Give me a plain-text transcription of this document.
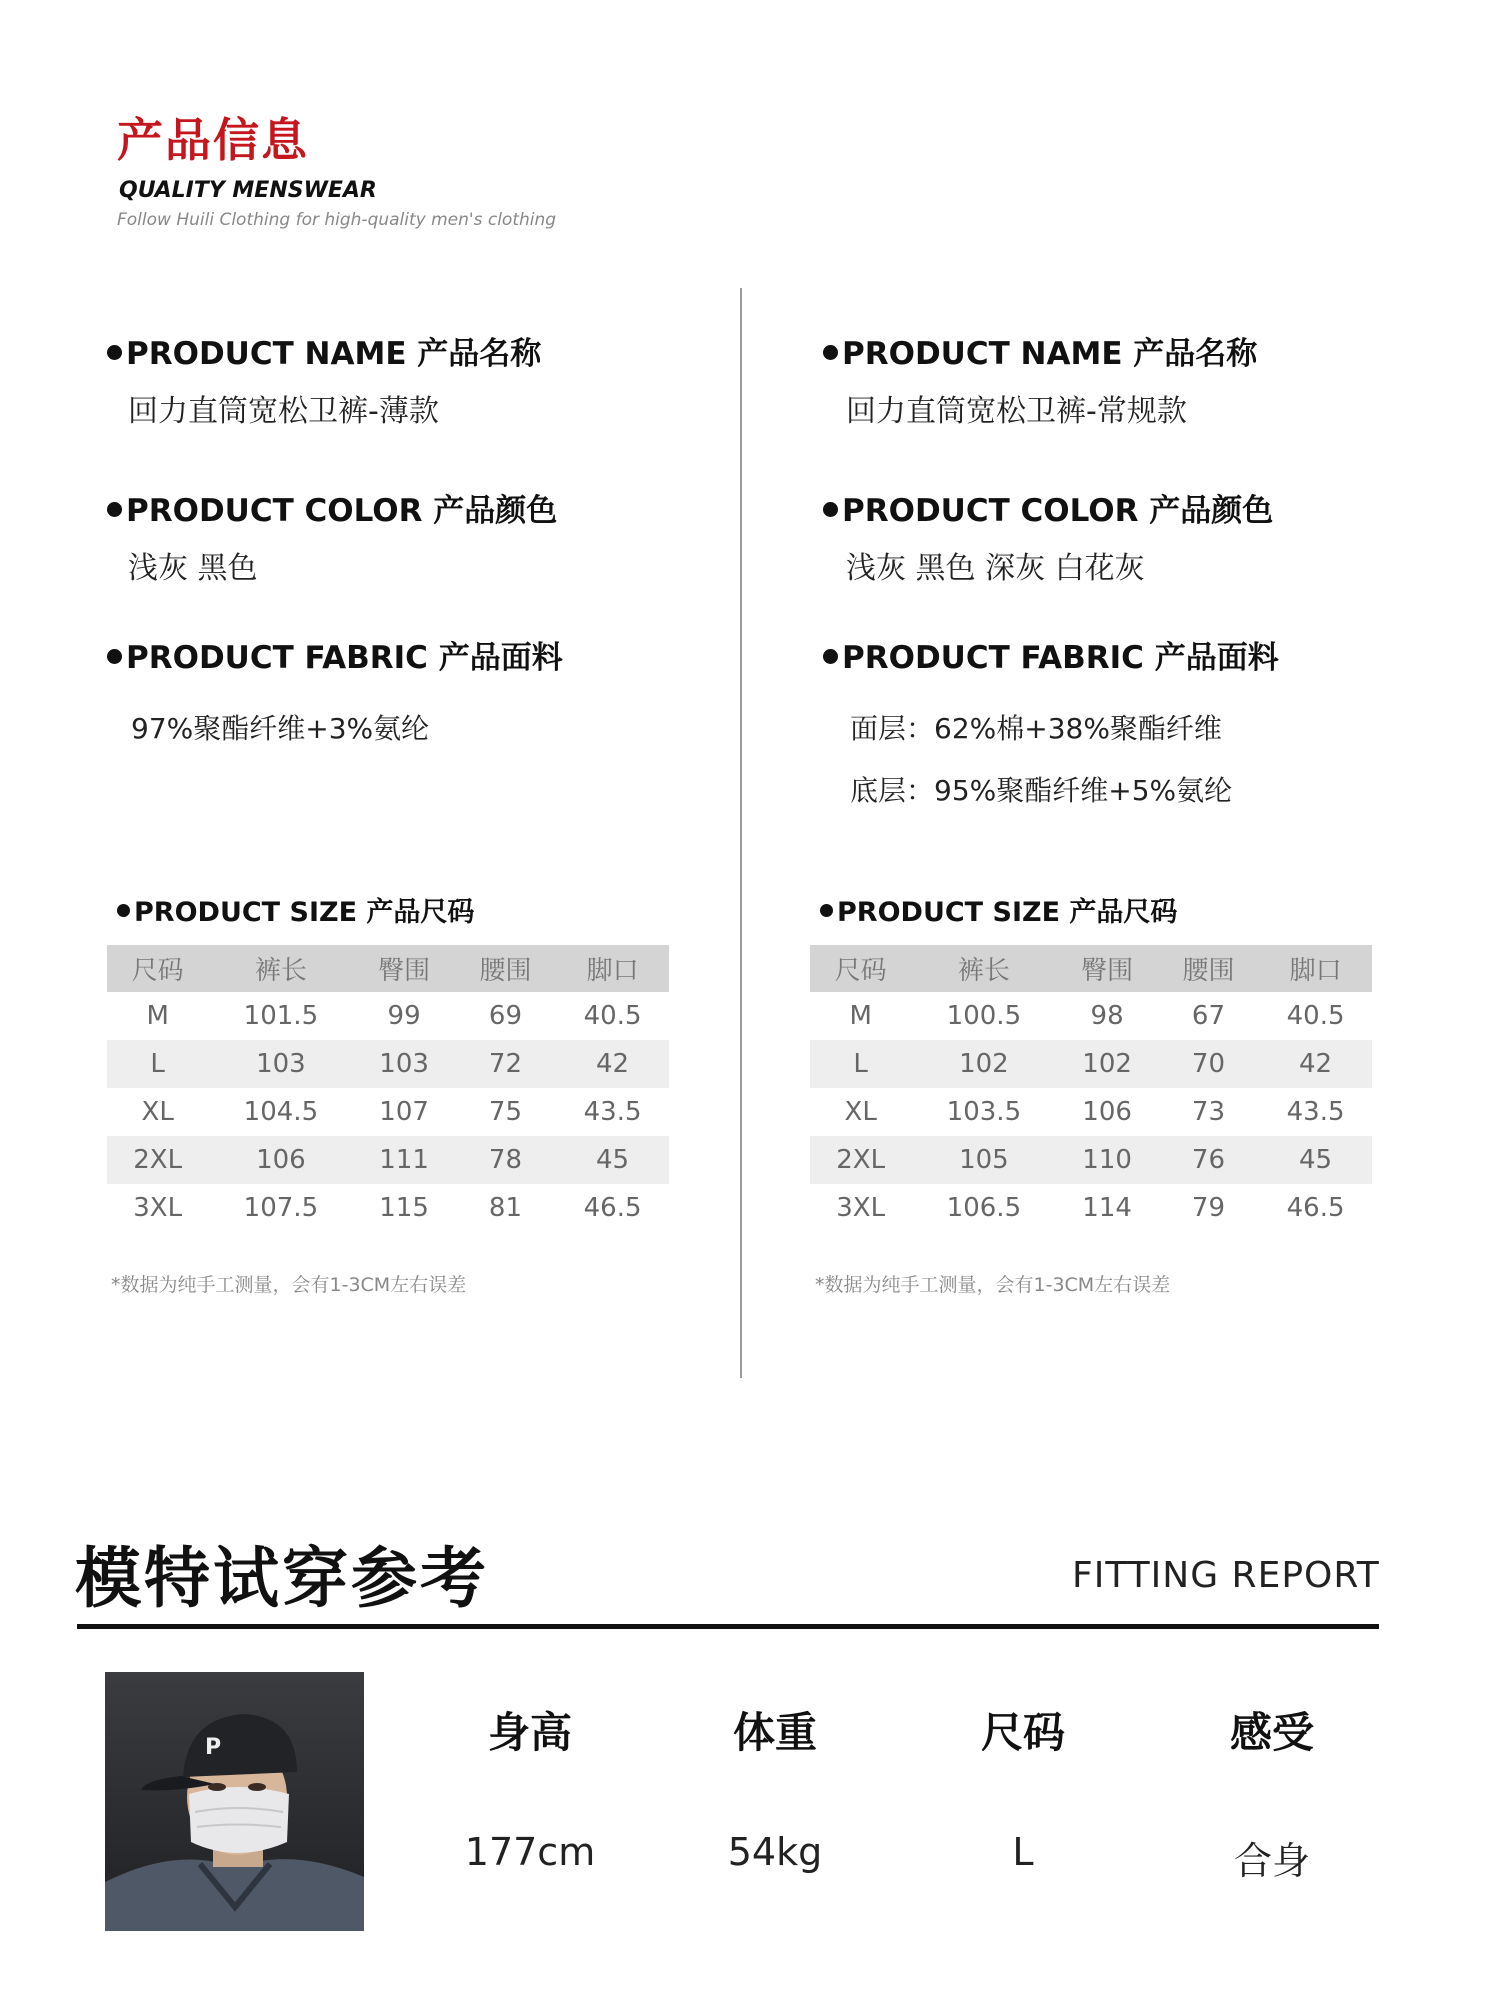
产品信息
QUALITY MENSWEAR
Follow Huili Clothing for high-quality men's clothing
PRODUCT NAME 产品名称
回力直筒宽松卫裤-薄款
PRODUCT COLOR 产品颜色
浅灰 黑色
PRODUCT FABRIC 产品面料
97%聚酯纤维+3%氨纶
PRODUCT SIZE 产品尺码
尺码	裤长	臀围	腰围	脚口
M	101.5	99	69	40.5
L	103	103	72	42
XL	104.5	107	75	43.5
2XL	106	111	78	45
3XL	107.5	115	81	46.5
*数据为纯手工测量，会有1-3CM左右误差
PRODUCT NAME 产品名称
回力直筒宽松卫裤-常规款
PRODUCT COLOR 产品颜色
浅灰 黑色 深灰 白花灰
PRODUCT FABRIC 产品面料
面层：62%棉+38%聚酯纤维
底层：95%聚酯纤维+5%氨纶
PRODUCT SIZE 产品尺码
尺码	裤长	臀围	腰围	脚口
M	100.5	98	67	40.5
L	102	102	70	42
XL	103.5	106	73	43.5
2XL	105	110	76	45
3XL	106.5	114	79	46.5
*数据为纯手工测量，会有1-3CM左右误差
模特试穿参考	FITTING REPORT
P	身高	体重	尺码	感受
177cm	54kg	L	合身
